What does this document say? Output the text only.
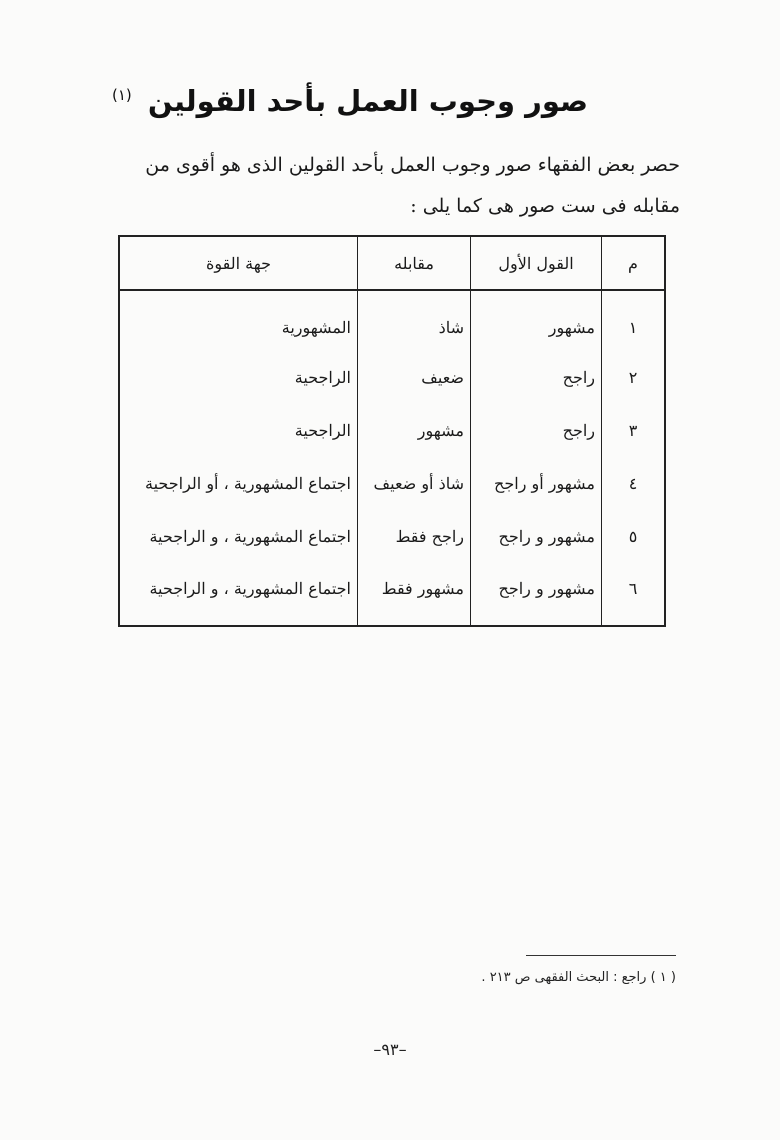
صور وجوب العمل بأحد القولين $^{(١)}$
حصر بعض الفقهاء صور وجوب العمل بأحد القولين الذى هو أقوى من
مقابله فى ست صور هى كما يلى :
م	القول الأول	مقابله	جهة القوة
١	مشهور	شاذ	المشهورية
٢	راجح	ضعيف	الراجحية
٣	راجح	مشهور	الراجحية
٤	مشهور أو راجح	شاذ أو ضعيف	اجتماع المشهورية ، أو الراجحية
٥	مشهور و راجح	راجح فقط	اجتماع المشهورية ، و الراجحية
٦	مشهور و راجح	مشهور فقط	اجتماع المشهورية ، و الراجحية
( ١ ) راجع : البحث الفقهى ص ٢١٣ .
–٩٣–
